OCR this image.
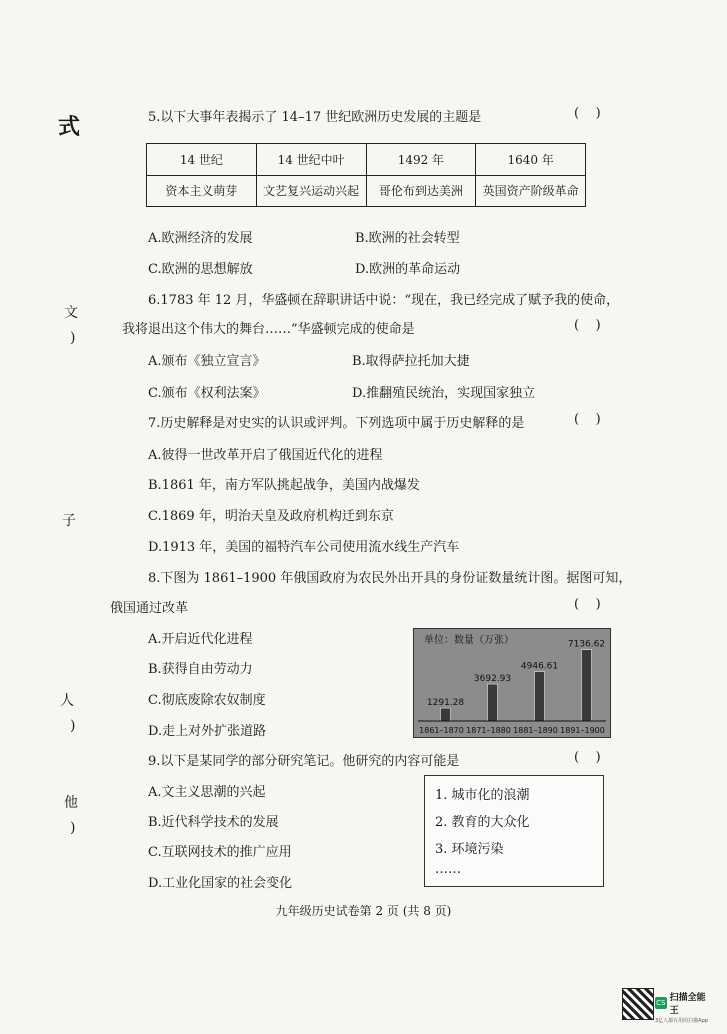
式
文
)
子
人
)
他
)
5.以下大事年表揭示了 14–17 世纪欧洲历史发展的主题是	(    )
14 世纪	14 世纪中叶	1492 年	1640 年
资本主义萌芽	文艺复兴运动兴起	哥伦布到达美洲	英国资产阶级革命
A.欧洲经济的发展	B.欧洲的社会转型
C.欧洲的思想解放	D.欧洲的革命运动
6.1783 年 12 月，华盛顿在辞职讲话中说：“现在，我已经完成了赋予我的使命，
我将退出这个伟大的舞台……”华盛顿完成的使命是	(    )
A.颁布《独立宣言》	B.取得萨拉托加大捷
C.颁布《权利法案》	D.推翻殖民统治，实现国家独立
7.历史解释是对史实的认识或评判。下列选项中属于历史解释的是	(    )
A.彼得一世改革开启了俄国近代化的进程
B.1861 年，南方军队挑起战争，美国内战爆发
C.1869 年，明治天皇及政府机构迁到东京
D.1913 年，美国的福特汽车公司使用流水线生产汽车
8.下图为 1861–1900 年俄国政府为农民外出开具的身份证数量统计图。据图可知，
俄国通过改革	(    )
A.开启近代化进程
B.获得自由劳动力
C.彻底废除农奴制度
D.走上对外扩张道路
单位：数量（万张）
1291.28
1861–1870
3692.93
1871–1880
4946.61
1881–1890
7136.62
1891–1900
9.以下是某同学的部分研究笔记。他研究的内容可能是	(    )
A.文主义思潮的兴起
B.近代科学技术的发展
C.互联网技术的推广应用
D.工业化国家的社会变化
1. 城市化的浪潮
2. 教育的大众化
3. 环境污染
……
九年级历史试卷第 2 页 (共 8 页)
CS 扫描全能王
3亿人都在用的扫描App
